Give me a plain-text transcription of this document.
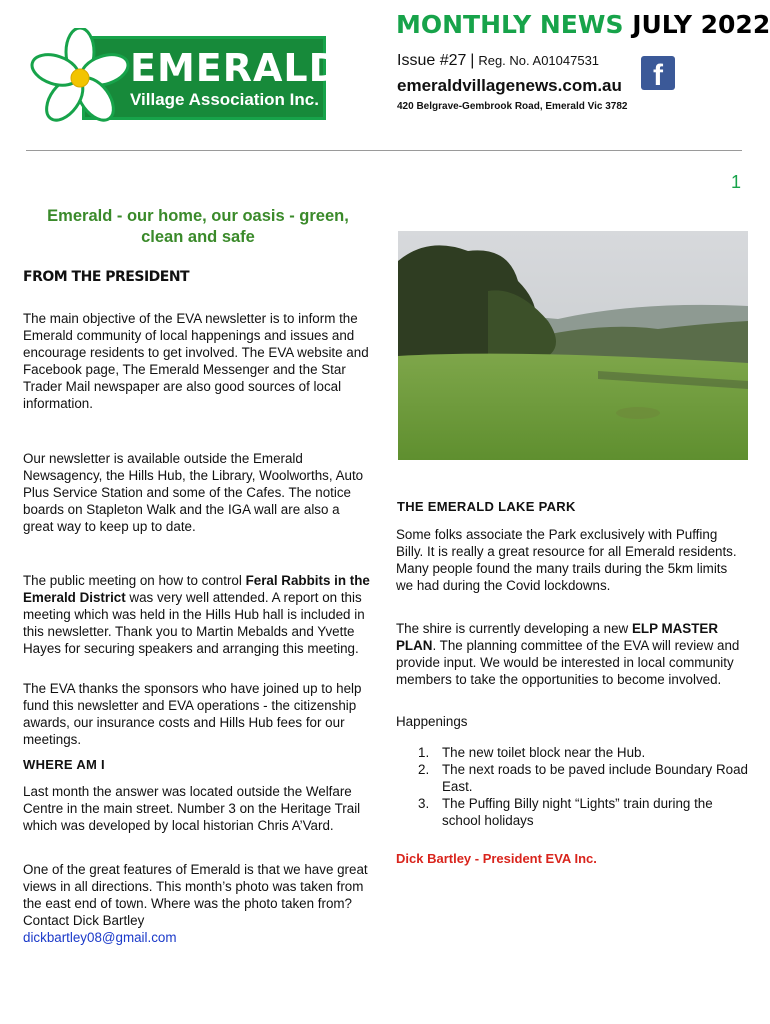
EMERALD
Village Association Inc.
MONTHLY NEWS JULY 2022
Issue #27 | Reg. No. A01047531
emeraldvillagenews.com.au	f
420 Belgrave-Gembrook Road, Emerald Vic 3782
1
Emerald - our home, our oasis - green, clean and safe
FROM THE PRESIDENT
The main objective of the EVA newsletter is to inform the Emerald community of local happenings and issues and encourage residents to get involved. The EVA website and Facebook page, The Emerald Messenger and the Star Trader Mail newspaper are also good sources of local information.
Our newsletter is available outside the Emerald Newsagency, the Hills Hub, the Library, Woolworths, Auto Plus Service Station and some of the Cafes. The notice boards on Stapleton Walk and the IGA wall are also a great way to keep up to date.
The public meeting on how to control Feral Rabbits in the Emerald District was very well attended. A report on this meeting which was held in the Hills Hub hall is included in this newsletter. Thank you to Martin Mebalds and Yvette Hayes for securing speakers and arranging this meeting.
The EVA thanks the sponsors who have joined up to help fund this newsletter and EVA operations - the citizenship awards, our insurance costs and Hills Hub fees for our meetings.
WHERE AM I
Last month the answer was located outside the Welfare Centre in the main street. Number 3 on the Heritage Trail which was developed by local historian Chris A’Vard.
One of the great features of Emerald is that we have great views in all directions. This month’s photo was taken from the east end of town. Where was the photo taken from? Contact Dick Bartley
dickbartley08@gmail.com
THE EMERALD LAKE PARK
Some folks associate the Park exclusively with Puffing Billy. It is really a great resource for all Emerald residents. Many people found the many trails during the 5km limits we had during the Covid lockdowns.
The shire is currently developing a new ELP MASTER PLAN. The planning committee of the EVA will review and provide input. We would be interested in local community members to take the opportunities to become involved.
Happenings
1. The new toilet block near the Hub.
2. The next roads to be paved include Boundary Road East.
3. The Puffing Billy night “Lights” train during the school holidays
Dick Bartley - President EVA Inc.
